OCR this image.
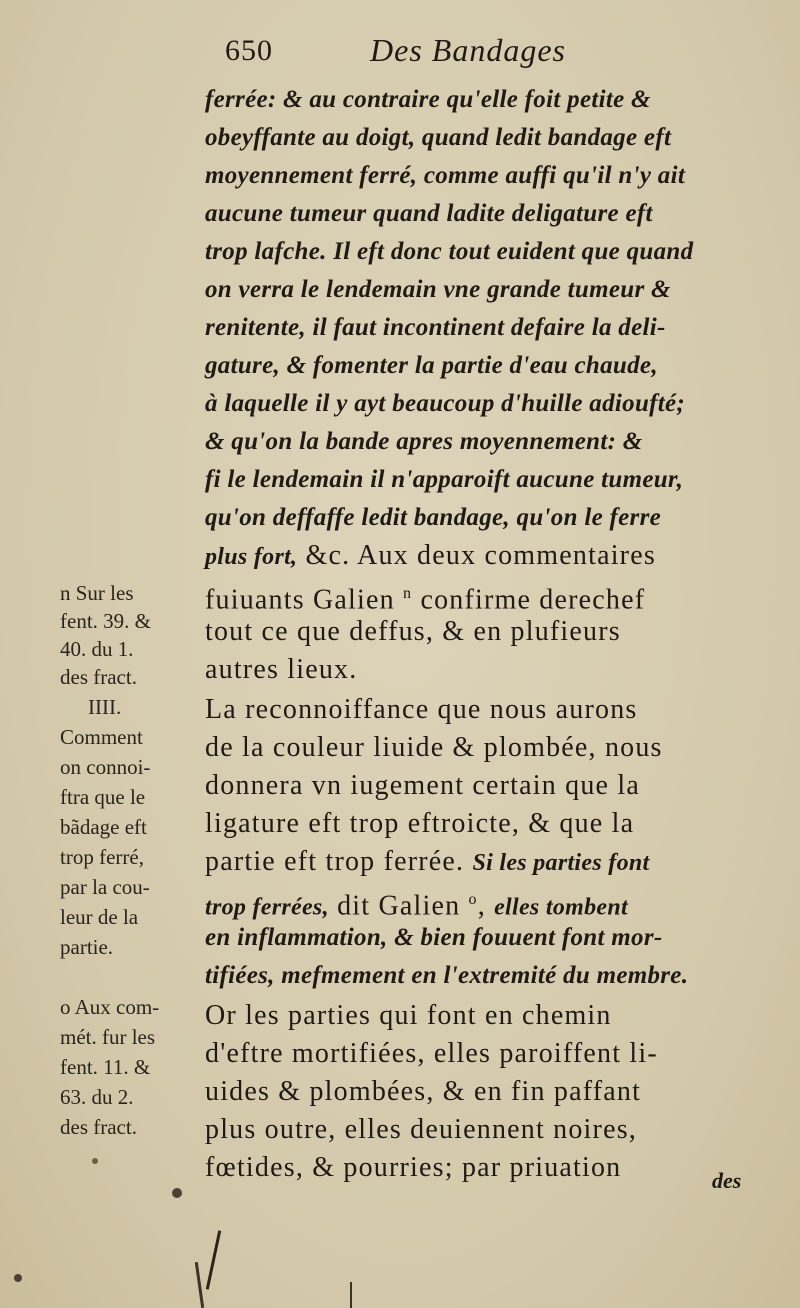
650	Des Bandages
ferrée: & au contraire qu'elle foit petite &
obeyffante au doigt, quand ledit bandage eft
moyennement ferré, comme auffi qu'il n'y ait
aucune tumeur quand ladite deligature eft
trop lafche. Il eft donc tout euident que quand
on verra le lendemain vne grande tumeur &
renitente, il faut incontinent defaire la deli-
gature, & fomenter la partie d'eau chaude,
à laquelle il y ayt beaucoup d'huille adioufté;
& qu'on la bande apres moyennement: &
fi le lendemain il n'apparoift aucune tumeur,
qu'on deffaffe ledit bandage, qu'on le ferre
plus fort, &c. Aux deux commentaires
fuiuants Galien $^n$ confirme derechef
tout ce que deffus, & en plufieurs
autres lieux.
La reconnoiffance que nous aurons
de la couleur liuide & plombée, nous
donnera vn iugement certain que la
ligature eft trop eftroicte, & que la
partie eft trop ferrée. Si les parties font
trop ferrées, dit Galien $^o$, elles tombent
en inflammation, & bien fouuent font mor-
tifiées, mefmement en l'extremité du membre.
Or les parties qui font en chemin
d'eftre mortifiées, elles paroiffent li-
uides & plombées, & en fin paffant
plus outre, elles deuiennent noires,
fœtides, & pourries; par priuation
n Sur les
fent. 39. &
40. du 1.
des fract.
IIII.
Comment
on connoi-
ftra que le
bãdage eft
trop ferré,
par la cou-
leur de la
partie.
o Aux com-
mét. fur les
fent. 11. &
63. du 2.
des fract.
des
